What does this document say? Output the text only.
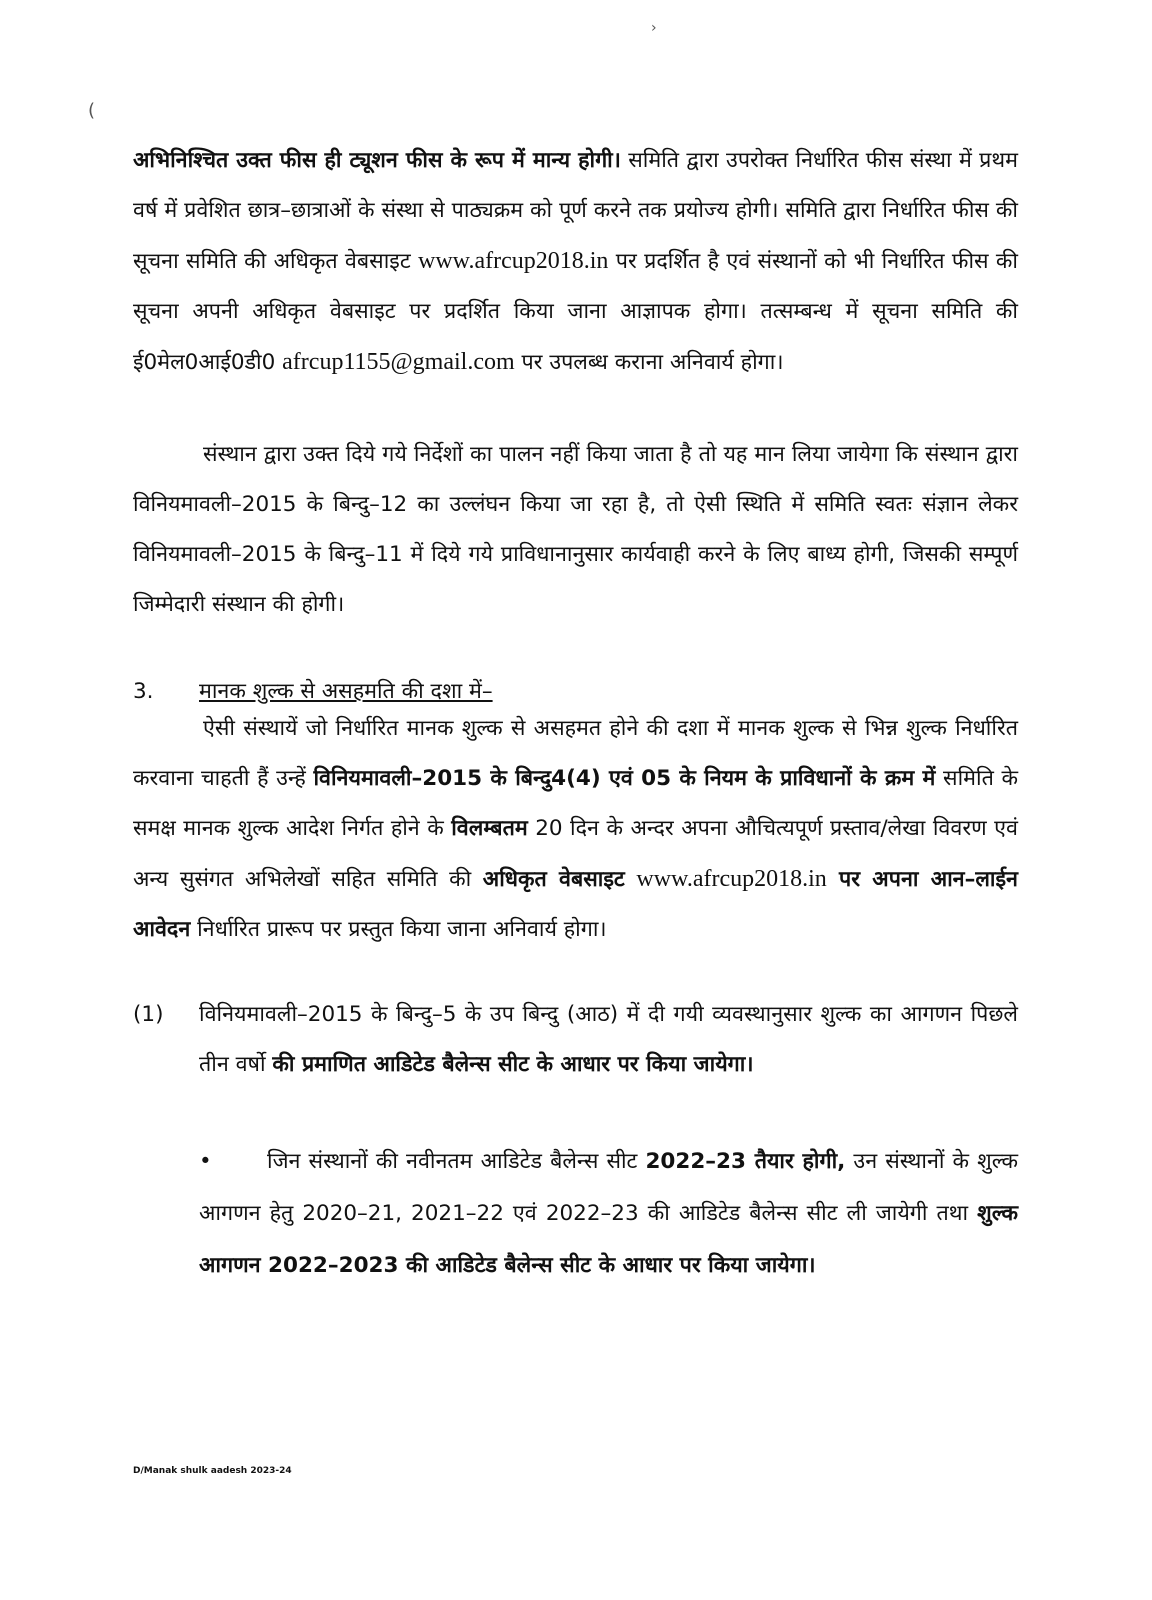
›
(
अभिनिश्चित उक्त फीस ही ट्यूशन फीस के रूप में मान्य होगी। समिति द्वारा उपरोक्त निर्धारित फीस संस्था में प्रथम वर्ष में प्रवेशित छात्र–छात्राओं के संस्था से पाठ्यक्रम को पूर्ण करने तक प्रयोज्य होगी। समिति द्वारा निर्धारित फीस की सूचना समिति की अधिकृत वेबसाइट www.afrcup2018.in पर प्रदर्शित है एवं संस्थानों को भी निर्धारित फीस की सूचना अपनी अधिकृत वेबसाइट पर प्रदर्शित किया जाना आज्ञापक होगा। तत्सम्बन्ध में सूचना समिति की ई0मेल0आई0डी0 afrcup1155@gmail.com पर उपलब्ध कराना अनिवार्य होगा।
संस्थान द्वारा उक्त दिये गये निर्देशों का पालन नहीं किया जाता है तो यह मान लिया जायेगा कि संस्थान द्वारा विनियमावली–2015 के बिन्दु–12 का उल्लंघन किया जा रहा है, तो ऐसी स्थिति में समिति स्वतः संज्ञान लेकर विनियमावली–2015 के बिन्दु–11 में दिये गये प्राविधानानुसार कार्यवाही करने के लिए बाध्य होगी, जिसकी सम्पूर्ण जिम्मेदारी संस्थान की होगी।
3. मानक शुल्क से असहमति की दशा में–
ऐसी संस्थायें जो निर्धारित मानक शुल्क से असहमत होने की दशा में मानक शुल्क से भिन्न शुल्क निर्धारित करवाना चाहती हैं उन्हें विनियमावली–2015 के बिन्दु4(4) एवं 05 के नियम के प्राविधानों के क्रम में समिति के समक्ष मानक शुल्क आदेश निर्गत होने के विलम्बतम 20 दिन के अन्दर अपना औचित्यपूर्ण प्रस्ताव/लेखा विवरण एवं अन्य सुसंगत अभिलेखों सहित समिति की अधिकृत वेबसाइट www.afrcup2018.in पर अपना आन–लाईन आवेदन निर्धारित प्रारूप पर प्रस्तुत किया जाना अनिवार्य होगा।
(1) विनियमावली–2015 के बिन्दु–5 के उप बिन्दु (आठ) में दी गयी व्यवस्थानुसार शुल्क का आगणन पिछले तीन वर्षो की प्रमाणित आडिटेड बैलेन्स सीट के आधार पर किया जायेगा।
•	जिन संस्थानों की नवीनतम आडिटेड बैलेन्स सीट 2022–23 तैयार होगी, उन संस्थानों के शुल्क आगणन हेतु 2020–21, 2021–22 एवं 2022–23 की आडिटेड बैलेन्स सीट ली जायेगी तथा शुल्क आगणन 2022–2023 की आडिटेड बैलेन्स सीट के आधार पर किया जायेगा।
D/Manak shulk aadesh 2023-24
